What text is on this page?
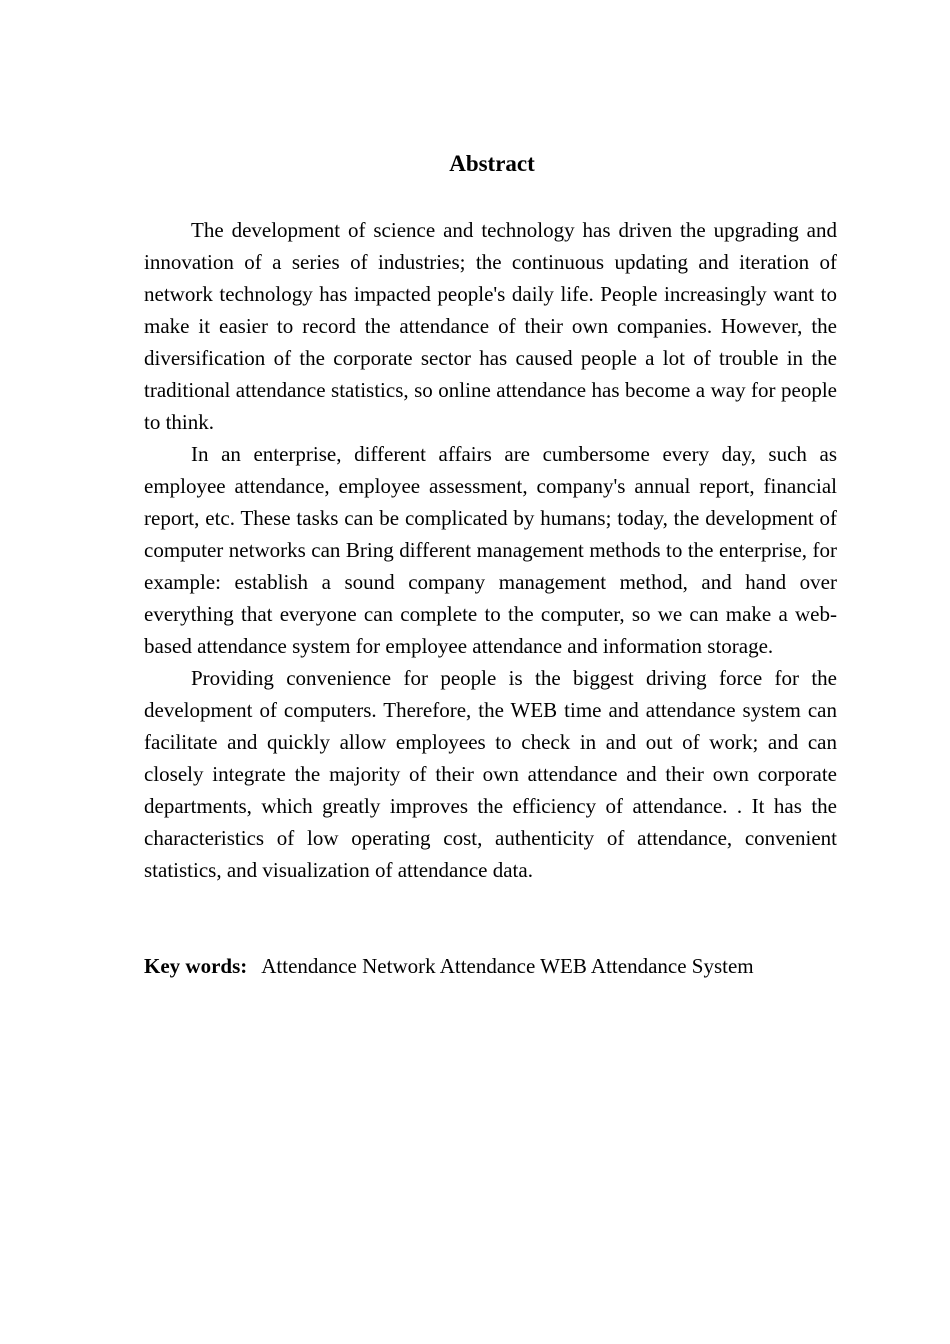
Abstract

The development of science and technology has driven the upgrading and innovation of a series of industries; the continuous updating and iteration of network technology has impacted people's daily life. People increasingly want to make it easier to record the attendance of their own companies. However, the diversification of the corporate sector has caused people a lot of trouble in the traditional attendance statistics, so online attendance has become a way for people to think.

In an enterprise, different affairs are cumbersome every day, such as employee attendance, employee assessment, company's annual report, financial report, etc. These tasks can be complicated by humans; today, the development of computer networks can Bring different management methods to the enterprise, for example: establish a sound company management method, and hand over everything that everyone can complete to the computer, so we can make a web-based attendance system for employee attendance and information storage.

Providing convenience for people is the biggest driving force for the development of computers. Therefore, the WEB time and attendance system can facilitate and quickly allow employees to check in and out of work; and can closely integrate the majority of their own attendance and their own corporate departments, which greatly improves the efficiency of attendance. . It has the characteristics of low operating cost, authenticity of attendance, convenient statistics, and visualization of attendance data.

Key words: Attendance Network Attendance WEB Attendance System
